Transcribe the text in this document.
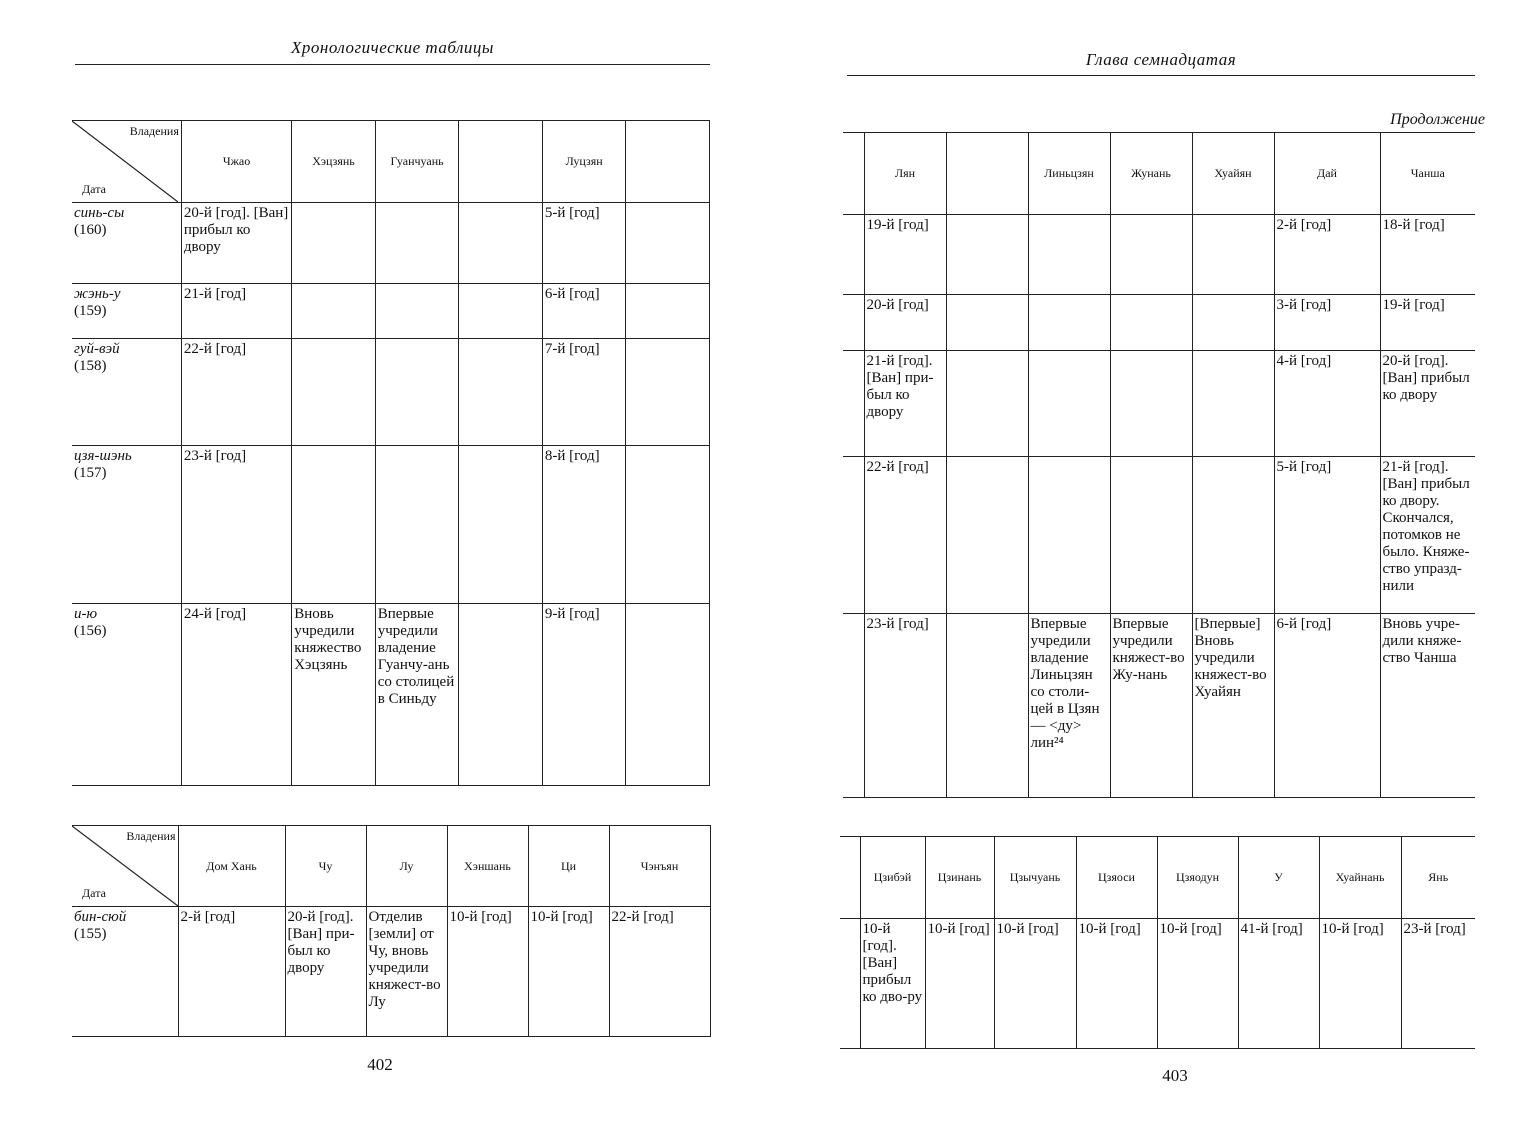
Хронологические таблицы
Владения
Дата	Чжао	Хэцзянь	Гуанчуань		Луцзян	

синь-сы
(160)	20-й [год]. [Ван] прибыл ко двору				5-й [год]	

жэнь-у
(159)	21-й [год]				6-й [год]	

гуй-вэй
(158)	22-й [год]				7-й [год]	

цзя-шэнь
(157)	23-й [год]				8-й [год]	

и-ю
(156)	24-й [год]	Вновь учредили княжество Хэцзянь	Впервые учредили владение Гуанчу-ань со столицей в Синьду		9-й [год]	
Владения
Дата	Дом Хань	Чу	Лу	Хэншань	Ци	Чэнъян

бин-сюй
(155)	2-й [год]	20-й [год]. [Ван] при-был ко двору	Отделив [земли] от Чу, вновь учредили княжест-во Лу	10-й [год]	10-й [год]	22-й [год]
402
Глава семнадцатая
Продолжение
	Лян		Линьцзян	Жунань	Хуайян	Дай	Чанша
	19-й [год]					2-й [год]	18-й [год]
	20-й [год]					3-й [год]	19-й [год]
	21-й [год]. [Ван] при-был ко двору					4-й [год]	20-й [год]. [Ван] прибыл ко двору
	22-й [год]					5-й [год]	21-й [год]. [Ван] прибыл ко двору. Скончался, потомков не было. Княже-ство упразд-нили
	23-й [год]		Впервые учредили владение Линьцзян со столи-цей в Цзян — <ду> лин²⁴	Впервые учредили княжест-во Жу-нань	[Впервые] Вновь учредили княжест-во Хуайян	6-й [год]	Вновь учре-дили княже-ство Чанша
	Цзибэй	Цзинань	Цзычуань	Цзяоси	Цзяодун	У	Хуайнань	Янь
	10-й [год]. [Ван] прибыл ко дво-ру	10-й [год]	10-й [год]	10-й [год]	10-й [год]	41-й [год]	10-й [год]	23-й [год]
403
